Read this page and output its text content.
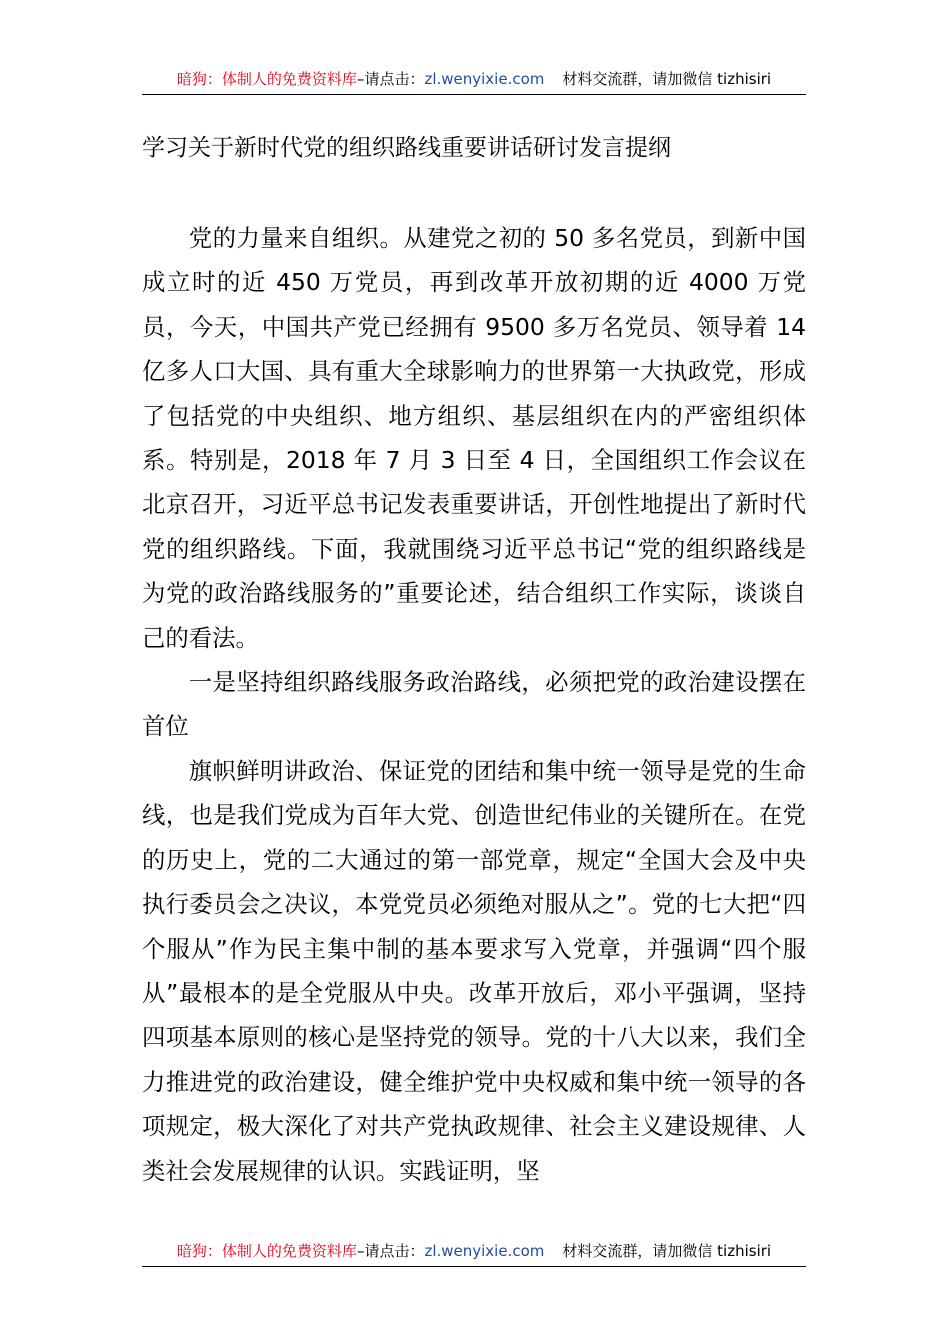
暗狗：体制人的免费资料库–请点击：zl.wenyixie.com 材料交流群，请加微信 tizhisiri
学习关于新时代党的组织路线重要讲话研讨发言提纲

党的力量来自组织。从建党之初的 50 多名党员，到新中国成立时的近 450 万党员，再到改革开放初期的近 4000 万党员，今天，中国共产党已经拥有 9500 多万名党员、领导着 14 亿多人口大国、具有重大全球影响力的世界第一大执政党，形成了包括党的中央组织、地方组织、基层组织在内的严密组织体系。特别是，2018 年 7 月 3 日至 4 日，全国组织工作会议在北京召开，习近平总书记发表重要讲话，开创性地提出了新时代党的组织路线。下面，我就围绕习近平总书记“党的组织路线是为党的政治路线服务的”重要论述，结合组织工作实际，谈谈自己的看法。

一是坚持组织路线服务政治路线，必须把党的政治建设摆在首位

旗帜鲜明讲政治、保证党的团结和集中统一领导是党的生命线，也是我们党成为百年大党、创造世纪伟业的关键所在。在党的历史上，党的二大通过的第一部党章，规定“全国大会及中央执行委员会之决议，本党党员必须绝对服从之”。党的七大把“四个服从”作为民主集中制的基本要求写入党章，并强调“四个服从”最根本的是全党服从中央。改革开放后，邓小平强调，坚持四项基本原则的核心是坚持党的领导。党的十八大以来，我们全力推进党的政治建设，健全维护党中央权威和集中统一领导的各项规定，极大深化了对共产党执政规律、社会主义建设规律、人类社会发展规律的认识。实践证明，坚

暗狗：体制人的免费资料库–请点击：zl.wenyixie.com 材料交流群，请加微信 tizhisiri
